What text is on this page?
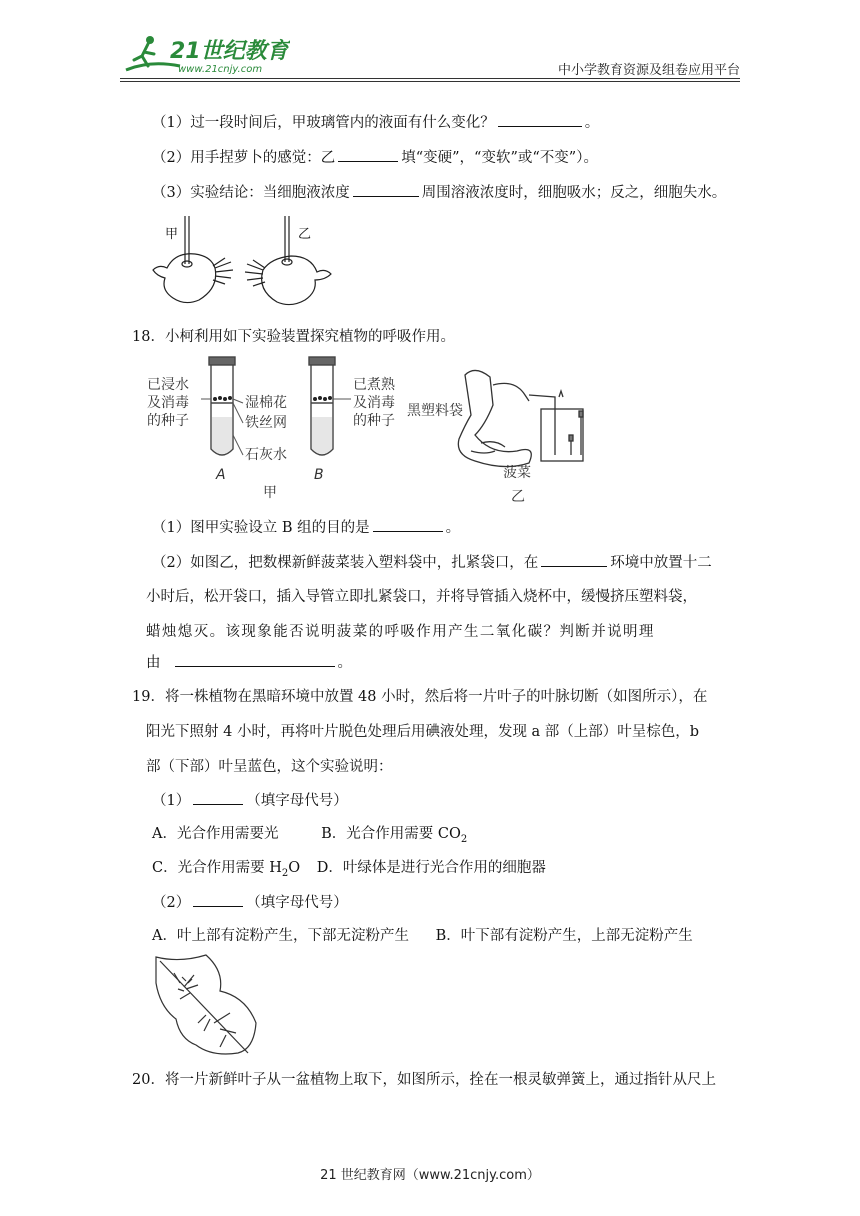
21世纪教育
www.21cnjy.com	中小学教育资源及组卷应用平台
（1）过一段时间后，甲玻璃管内的液面有什么变化？	。
（2）用手捏萝卜的感觉：乙	填“变硬”，“变软”或“不变”）。
（3）实验结论：当细胞液浓度	周围溶液浓度时，细胞吸水；反之，细胞失水。
甲	乙
18．小柯利用如下实验装置探究植物的呼吸作用。
已浸水
及消毒
的种子
湿棉花
铁丝网
石灰水
已煮熟
及消毒
的种子
A	B
甲
黑塑料袋
菠菜
乙
（1）图甲实验设立 B 组的目的是	。
（2）如图乙，把数棵新鲜菠菜装入塑料袋中，扎紧袋口，在	环境中放置十二
小时后，松开袋口，插入导管立即扎紧袋口，并将导管插入烧杯中，缓慢挤压塑料袋，
蜡烛熄灭。该现象能否说明菠菜的呼吸作用产生二氧化碳？判断并说明理
由	。
19．将一株植物在黑暗环境中放置 48 小时，然后将一片叶子的叶脉切断（如图所示），在
阳光下照射 4 小时，再将叶片脱色处理后用碘液处理，发现 a 部（上部）叶呈棕色，b
部（下部）叶呈蓝色，这个实验说明：
（1）	（填字母代号）
A．光合作用需要光	B．光合作用需要 $CO_2$
C．光合作用需要 $H_2O$ D．叶绿体是进行光合作用的细胞器
（2）	（填字母代号）
A．叶上部有淀粉产生，下部无淀粉产生 B．叶下部有淀粉产生，上部无淀粉产生
20．将一片新鲜叶子从一盆植物上取下，如图所示，拴在一根灵敏弹簧上，通过指针从尺上
21 世纪教育网（www.21cnjy.com）
